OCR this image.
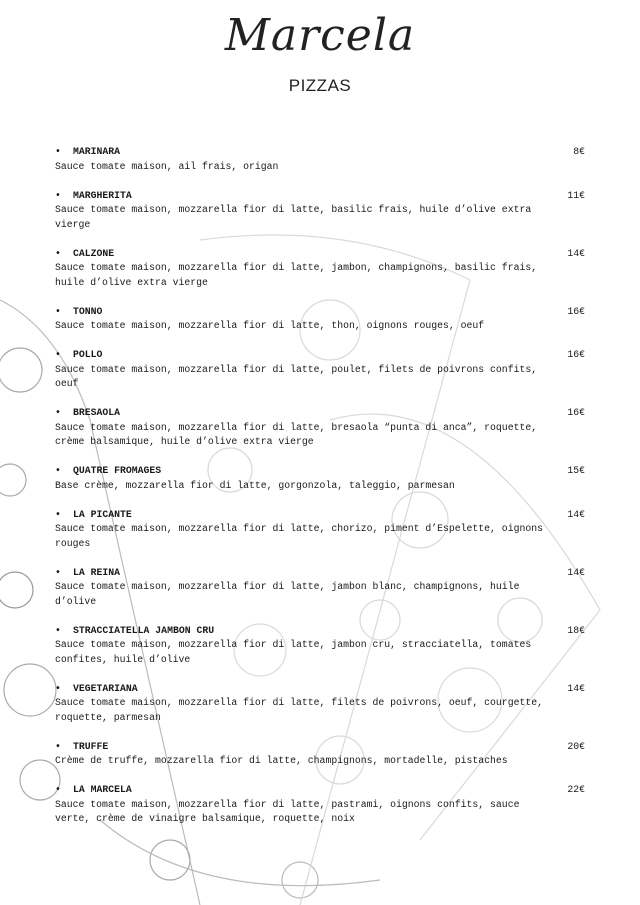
Marcela
PIZZAS
• MARINARA	8€
Sauce tomate maison, ail frais, origan
• MARGHERITA	11€
Sauce tomate maison, mozzarella fior di latte, basilic frais, huile d’olive extra vierge
• CALZONE	14€
Sauce tomate maison, mozzarella fior di latte, jambon, champignons, basilic frais, huile d’olive extra vierge
• TONNO	16€
Sauce tomate maison, mozzarella fior di latte, thon, oignons rouges, oeuf
• POLLO	16€
Sauce tomate maison, mozzarella fior di latte, poulet, filets de poivrons confits, oeuf
• BRESAOLA	16€
Sauce tomate maison, mozzarella fior di latte, bresaola “punta di anca”, roquette, crème balsamique, huile d’olive extra vierge
• QUATRE FROMAGES	15€
Base crème, mozzarella fior di latte, gorgonzola, taleggio, parmesan
• LA PICANTE	14€
Sauce tomate maison, mozzarella fior di latte, chorizo, piment d’Espelette, oignons rouges
• LA REINA	14€
Sauce tomate maison, mozzarella fior di latte, jambon blanc, champignons, huile d’olive
• STRACCIATELLA JAMBON CRU	18€
Sauce tomate maison, mozzarella fior di latte, jambon cru, stracciatella, tomates confites, huile d’olive
• VEGETARIANA	14€
Sauce tomate maison, mozzarella fior di latte, filets de poivrons, oeuf, courgette, roquette, parmesan
• TRUFFE	20€
Crème de truffe, mozzarella fior di latte, champignons, mortadelle, pistaches
• LA MARCELA	22€
Sauce tomate maison, mozzarella fior di latte, pastrami, oignons confits, sauce verte, crème de vinaigre balsamique, roquette, noix
